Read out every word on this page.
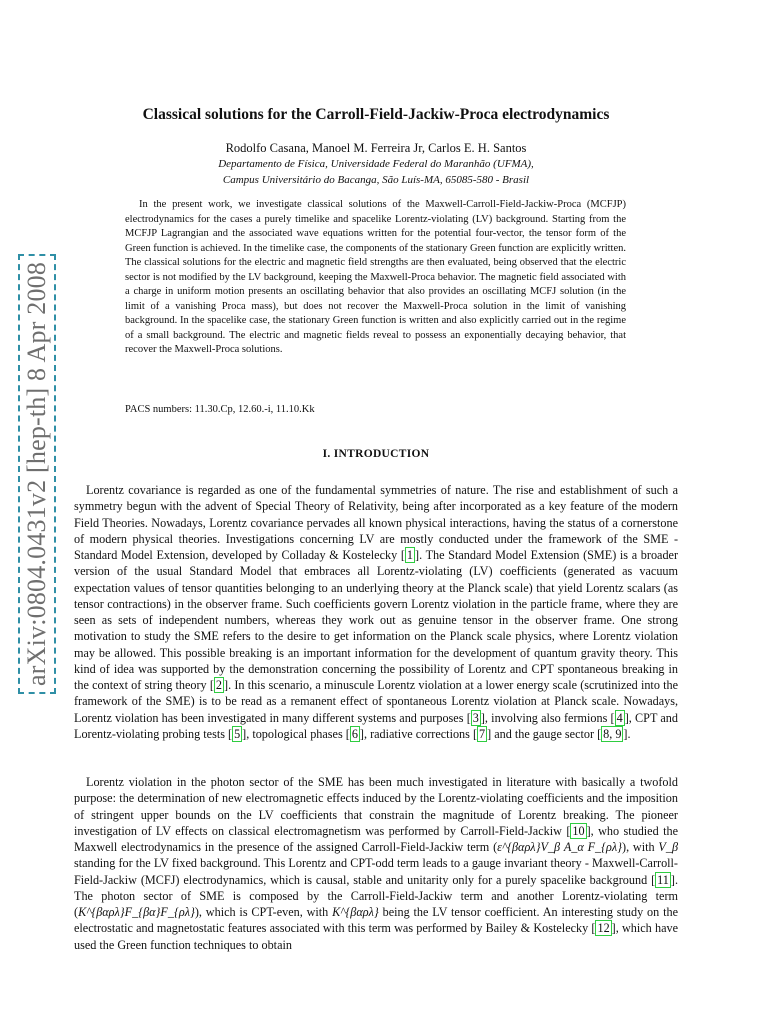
arXiv:0804.0431v2 [hep-th] 8 Apr 2008
Classical solutions for the Carroll-Field-Jackiw-Proca electrodynamics
Rodolfo Casana, Manoel M. Ferreira Jr, Carlos E. H. Santos
Departamento de Física, Universidade Federal do Maranhão (UFMA),
Campus Universitário do Bacanga, São Luís-MA, 65085-580 - Brasil

In the present work, we investigate classical solutions of the Maxwell-Carroll-Field-Jackiw-Proca (MCFJP) electrodynamics for the cases a purely timelike and spacelike Lorentz-violating (LV) background. Starting from the MCFJP Lagrangian and the associated wave equations written for the potential four-vector, the tensor form of the Green function is achieved. In the timelike case, the components of the stationary Green function are explicitly written. The classical solutions for the electric and magnetic field strengths are then evaluated, being observed that the electric sector is not modified by the LV background, keeping the Maxwell-Proca behavior. The magnetic field associated with a charge in uniform motion presents an oscillating behavior that also provides an oscillating MCFJ solution (in the limit of a vanishing Proca mass), but does not recover the Maxwell-Proca solution in the limit of vanishing background. In the spacelike case, the stationary Green function is written and also explicitly carried out in the regime of a small background. The electric and magnetic fields reveal to possess an exponentially decaying behavior, that recover the Maxwell-Proca solutions.

PACS numbers: 11.30.Cp, 12.60.-i, 11.10.Kk
I. INTRODUCTION

Lorentz covariance is regarded as one of the fundamental symmetries of nature. The rise and establishment of such a symmetry begun with the advent of Special Theory of Relativity, being after incorporated as a key feature of the modern Field Theories. Nowadays, Lorentz covariance pervades all known physical interactions, having the status of a cornerstone of modern physical theories. Investigations concerning LV are mostly conducted under the framework of the SME - Standard Model Extension, developed by Colladay & Kostelecky [ 1 ]. The Standard Model Extension (SME) is a broader version of the usual Standard Model that embraces all Lorentz-violating (LV) coefficients (generated as vacuum expectation values of tensor quantities belonging to an underlying theory at the Planck scale) that yield Lorentz scalars (as tensor contractions) in the observer frame. Such coefficients govern Lorentz violation in the particle frame, where they are seen as sets of independent numbers, whereas they work out as genuine tensor in the observer frame. One strong motivation to study the SME refers to the desire to get information on the Planck scale physics, where Lorentz violation may be allowed. This possible breaking is an important information for the development of quantum gravity theory. This kind of idea was supported by the demonstration concerning the possibility of Lorentz and CPT spontaneous breaking in the context of string theory [ 2 ]. In this scenario, a minuscule Lorentz violation at a lower energy scale (scrutinized into the framework of the SME) is to be read as a remanent effect of spontaneous Lorentz violation at Planck scale. Nowadays, Lorentz violation has been investigated in many different systems and purposes [ 3 ], involving also fermions [ 4 ], CPT and Lorentz-violating probing tests [ 5 ], topological phases [ 6 ], radiative corrections [ 7 ] and the gauge sector [ 8, 9 ].

Lorentz violation in the photon sector of the SME has been much investigated in literature with basically a twofold purpose: the determination of new electromagnetic effects induced by the Lorentz-violating coefficients and the imposition of stringent upper bounds on the LV coefficients that constrain the magnitude of Lorentz breaking. The pioneer investigation of LV effects on classical electromagnetism was performed by Carroll-Field-Jackiw [ 10 ], who studied the Maxwell electrodynamics in the presence of the assigned Carroll-Field-Jackiw term (ε^{βαρλ}V_β A_α F_{ρλ}), with V_β standing for the LV fixed background. This Lorentz and CPT-odd term leads to a gauge invariant theory - Maxwell-Carroll-Field-Jackiw (MCFJ) electrodynamics, which is causal, stable and unitarity only for a purely spacelike background [ 11 ]. The photon sector of SME is composed by the Carroll-Field-Jackiw term and another Lorentz-violating term (K^{βαρλ}F_{βα}F_{ρλ}), which is CPT-even, with K^{βαρλ} being the LV tensor coefficient. An interesting study on the electrostatic and magnetostatic features associated with this term was performed by Bailey & Kostelecky [ 12 ], which have used the Green function techniques to obtain
